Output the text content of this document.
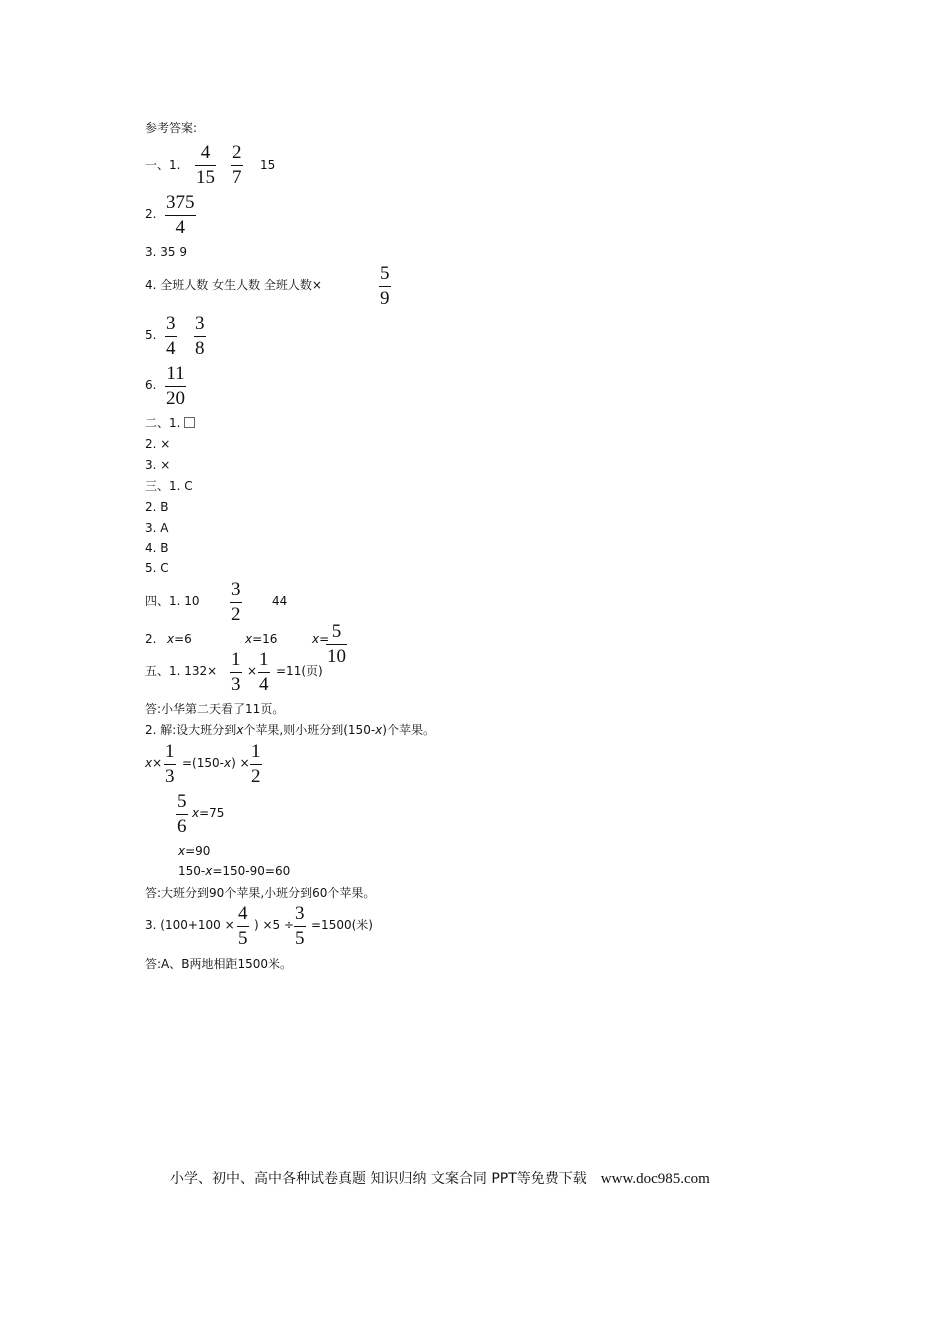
参考答案:
一、1. $\frac{4}{15} \frac{2}{7} 15$
2. $\frac{375}{4}$
3. 35 9
4. 全班人数 女生人数 全班人数×	$\frac{5}{9}$
5. $\frac{3}{4} \frac{3}{8}$
6. $\frac{11}{20}$
二、1.
2. ×
3. ×
三、1. C
2. B
3. A
4. B
5. C
四、1. $10 \frac{3}{2}$	44
2. x=6	x=16	x=
$\frac{5}{10}$
五、1. $132\times \frac{1}{3} \times \frac{1}{4} =11$(页)
答:小华第二天看了11页。
2. 解:设大班分到x个苹果,则小班分到(150-x)个苹果。
$x\times \frac{1}{3} =(150-x) \times \frac{1}{2}$
$\frac{5}{6} x=75$
x=90
150-x=150-90=60
答:大班分到90个苹果,小班分到60个苹果。
3. ($100+100 \times \frac{4}{5}$ ) $\times 5 \div \frac{3}{5} =1500$(米)
答:A、B两地相距1500米。
小学、初中、高中各种试卷真题 知识归纳 文案合同 PPT等免费下载 www.doc985.com
